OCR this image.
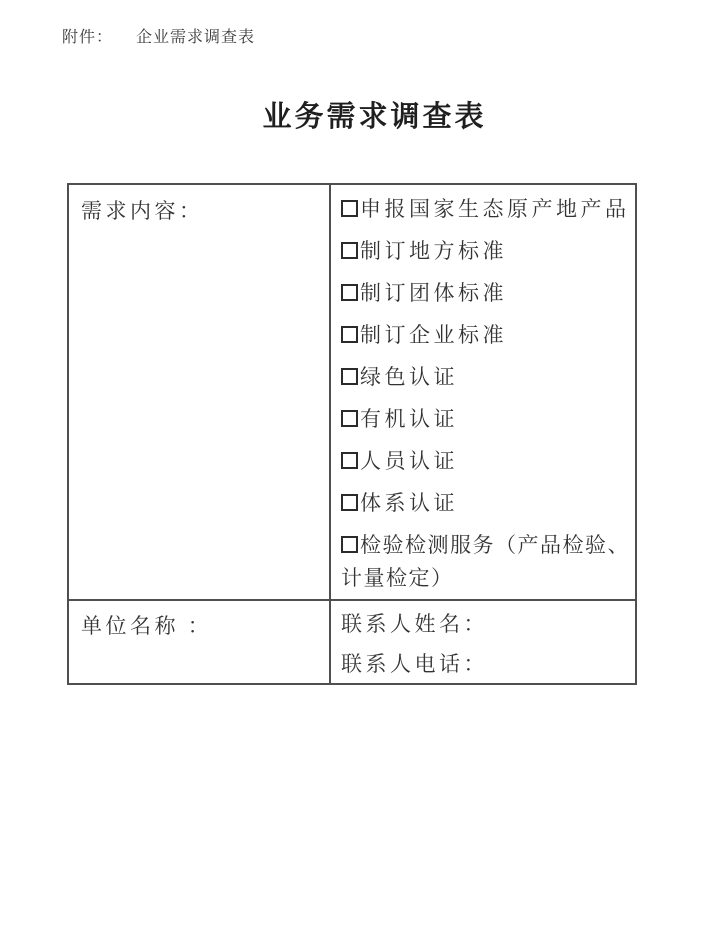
附件： 企业需求调查表
业务需求调查表
需求内容：	申报国家生态原产地产品
制订地方标准
制订团体标准
制订企业标准
绿色认证
有机认证
人员认证
体系认证
检验检测服务（产品检验、计量检定）
单位名称 ：	联系人姓名：
联系人电话：
